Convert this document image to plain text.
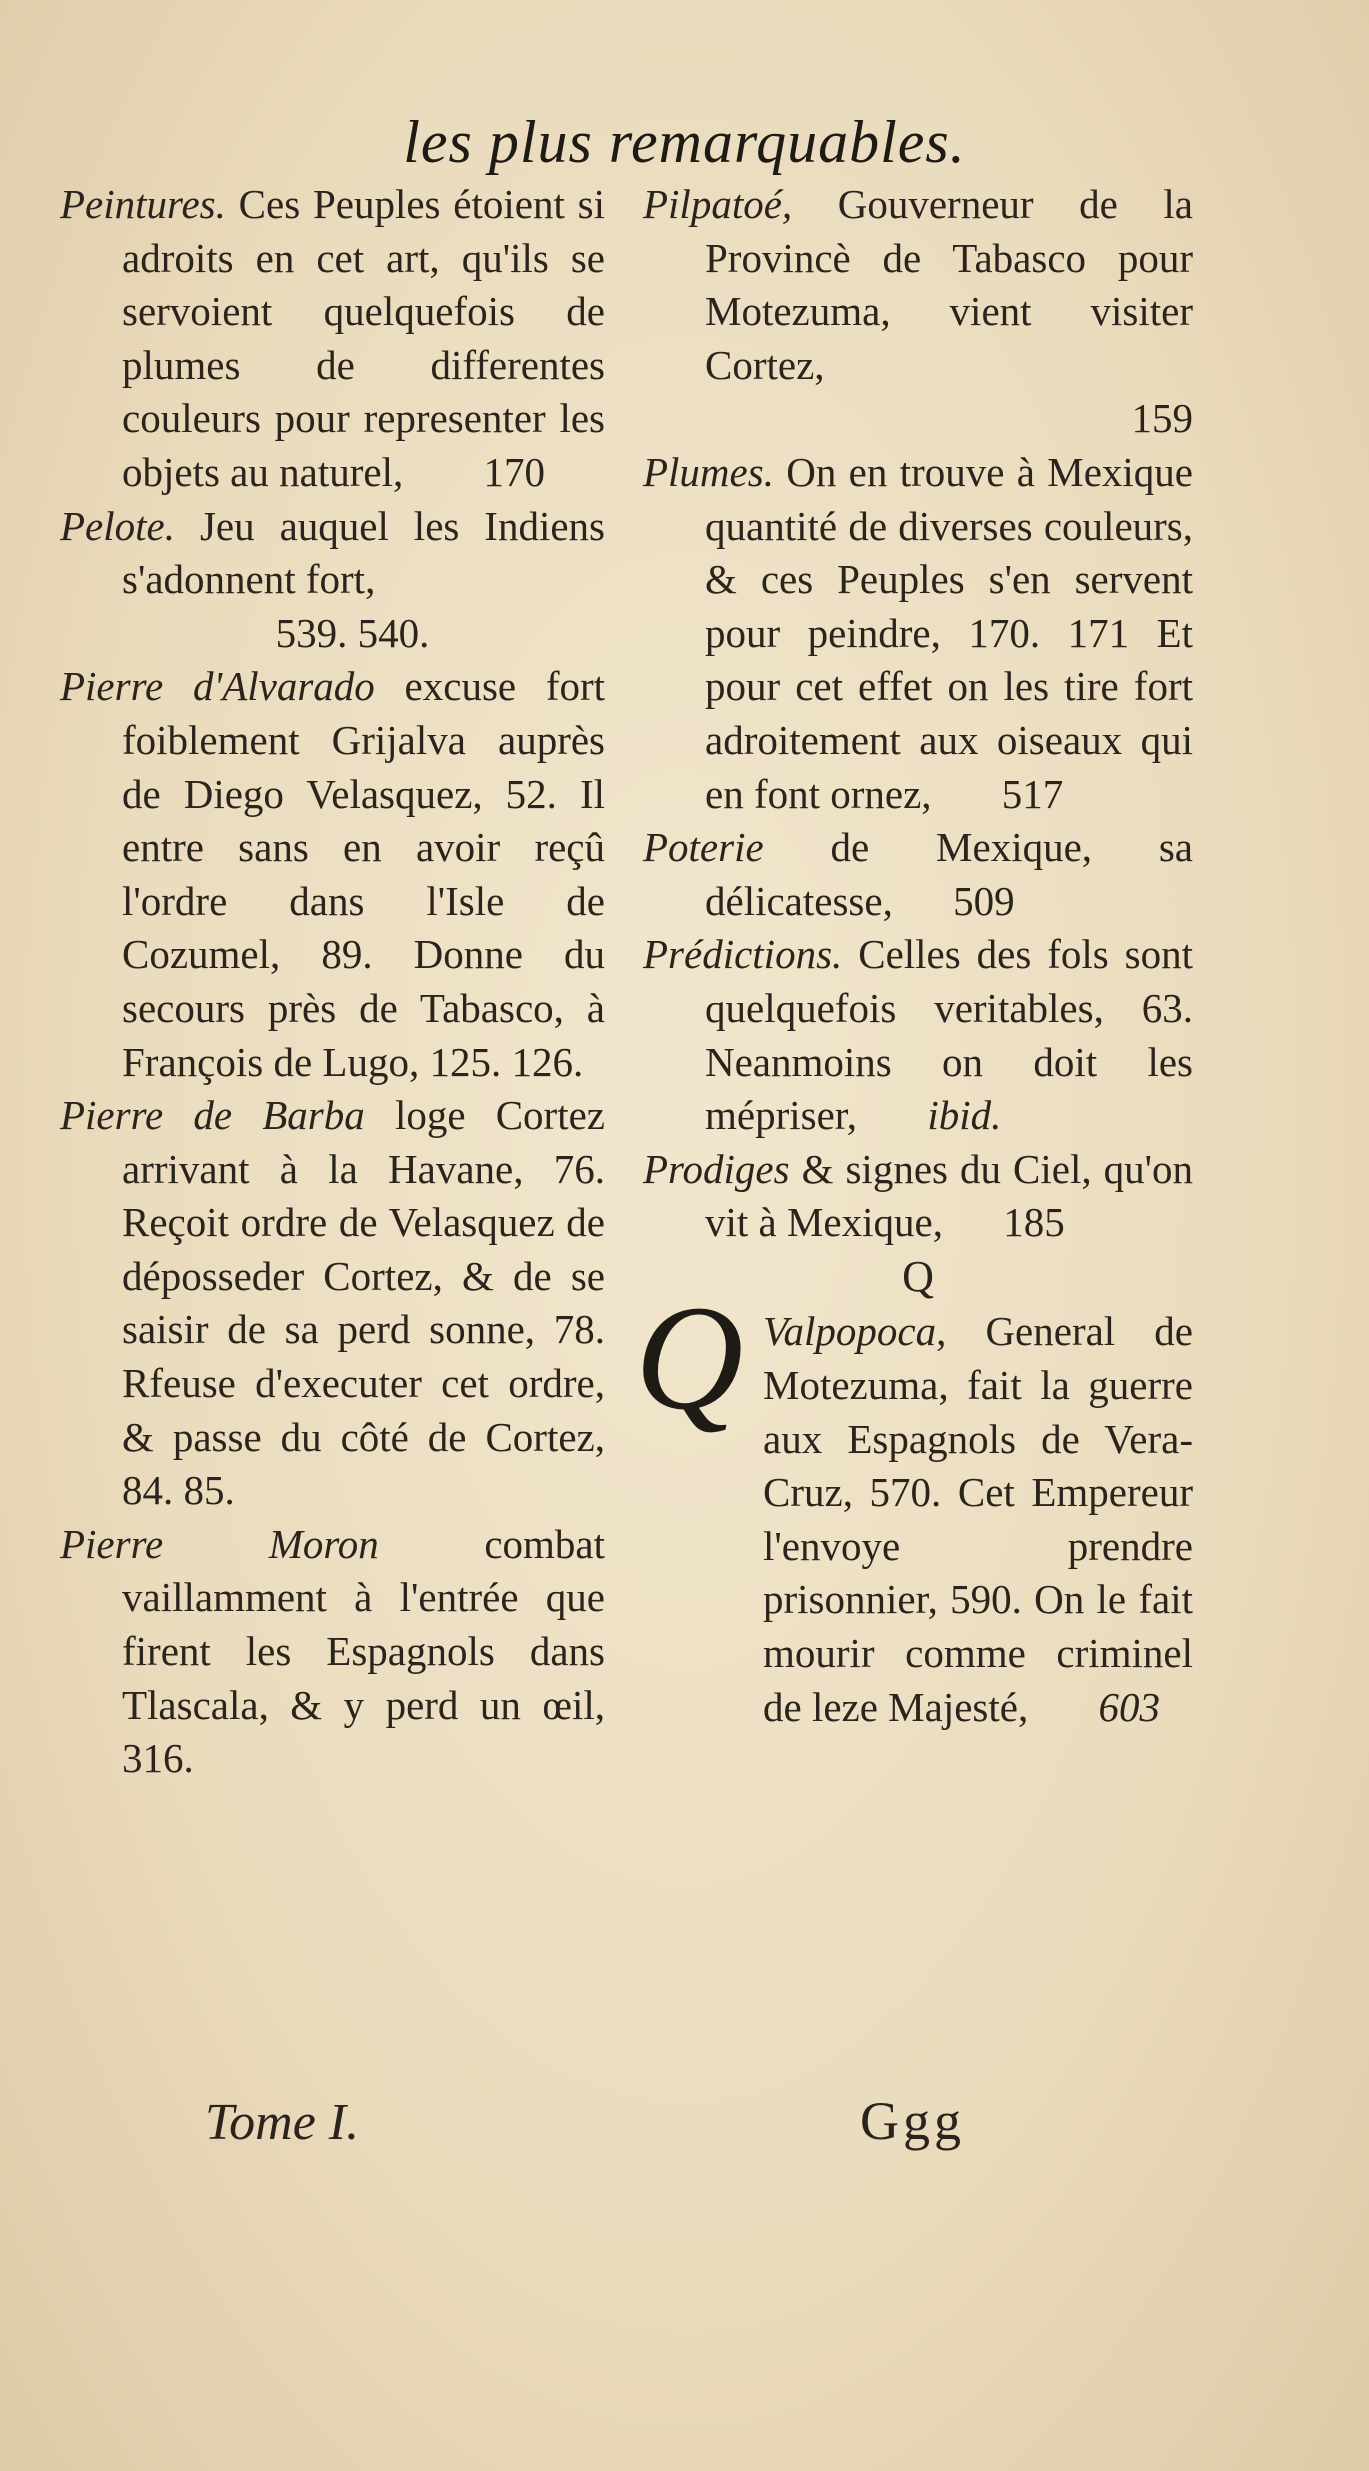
les plus remarquables.

Peintures. Ces Peuples étoient si adroits en cet art, qu'ils se servoient quelquefois de plumes de differentes couleurs pour representer les objets au naturel, 170

Pelote. Jeu auquel les Indiens s'adonnent fort,
539. 540.

Pierre d'Alvarado excuse fort foiblement Grijalva auprès de Diego Velasquez, 52. Il entre sans en avoir reçû l'ordre dans l'Isle de Cozumel, 89. Donne du secours près de Tabasco, à François de Lugo, 125. 126.

Pierre de Barba loge Cortez arrivant à la Havane, 76. Reçoit ordre de Velasquez de déposseder Cortez, & de se saisir de sa perd sonne, 78. Rfeuse d'executer cet ordre, & passe du côté de Cortez, 84. 85.

Pierre Moron	combat vaillamment à l'entrée que firent les Espagnols dans Tlascala, & y perd un œil, 316.

Pilpatoé, Gouverneur de la Provincè de Tabasco pour Motezuma, vient visiter Cortez,
159

Plumes. On en trouve à Mexique quantité de diverses couleurs, & ces Peuples s'en servent pour peindre, 170. 171 Et pour cet effet on les tire fort adroitement aux oiseaux qui en font ornez, 517

Poterie de Mexique, sa délicatesse, 509

Prédictions. Celles des fols sont quelquefois veritables, 63. Neanmoins on doit les mépriser, ibid.

Prodiges & signes du Ciel, qu'on vit à Mexique, 185

Q

Q Valpopoca, General de Motezuma, fait la guerre aux Espagnols de Vera-Cruz, 570. Cet Empereur l'envoye prendre prisonnier, 590. On le fait mourir comme criminel de leze Majesté, 603

Tome I.	Ggg
